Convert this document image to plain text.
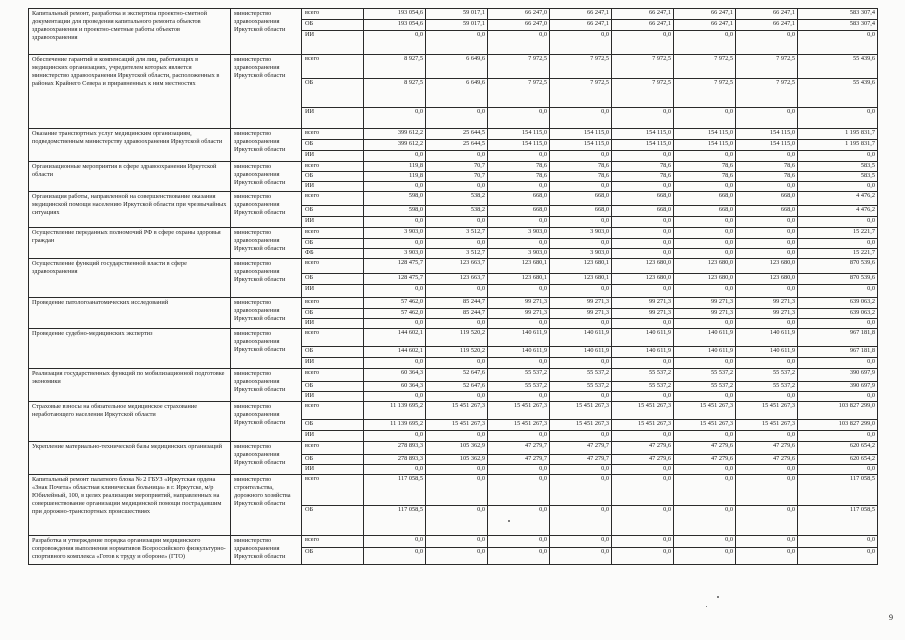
Капитальный ремонт, разработка и экспертиза проектно-сметной документации для проведения капитального ремонта объектов здравоохранения и проектно-сметные работы объектов здравоохранения	министерство здравоохранения Иркутской области	всего	193 054,6	59 017,1	66 247,0	66 247,1	66 247,1	66 247,1	66 247,1	583 307,4
		ОБ	193 054,6	59 017,1	66 247,0	66 247,1	66 247,1	66 247,1	66 247,1	583 307,4
		ИИ	0,0	0,0	0,0	0,0	0,0	0,0	0,0	0,0
Обеспечение гарантий и компенсаций для лиц, работающих в медицинских организациях, учредителем которых является министерство здравоохранения Иркутской области, расположенных в районах Крайнего Севера и приравненных к ним местностях	министерство здравоохранения Иркутской области	всего	8 927,5	6 649,6	7 972,5	7 972,5	7 972,5	7 972,5	7 972,5	55 439,6
		ОБ	8 927,5	6 649,6	7 972,5	7 972,5	7 972,5	7 972,5	7 972,5	55 439,6
		ИИ	0,0	0,0	0,0	0,0	0,0	0,0	0,0	0,0
Оказание транспортных услуг медицинским организациям, подведомственным министерству здравоохранения Иркутской области	министерство здравоохранения Иркутской области	всего	399 612,2	25 644,5	154 115,0	154 115,0	154 115,0	154 115,0	154 115,0	1 195 831,7
		ОБ	399 612,2	25 644,5	154 115,0	154 115,0	154 115,0	154 115,0	154 115,0	1 195 831,7
		ИИ	0,0	0,0	0,0	0,0	0,0	0,0	0,0	0,0
Организационные мероприятия в сфере здравоохранения Иркутской области	министерство здравоохранения Иркутской области	всего	119,8	70,7	78,6	78,6	78,6	78,6	78,6	583,5
		ОБ	119,8	70,7	78,6	78,6	78,6	78,6	78,6	583,5
		ИИ	0,0	0,0	0,0	0,0	0,0	0,0	0,0	0,0
Организация работы, направленной на совершенствование оказания медицинской помощи населению Иркутской области при чрезвычайных ситуациях	министерство здравоохранения Иркутской области	всего	598,0	538,2	668,0	668,0	668,0	668,0	668,0	4 476,2
		ОБ	598,0	538,2	668,0	668,0	668,0	668,0	668,0	4 476,2
		ИИ	0,0	0,0	0,0	0,0	0,0	0,0	0,0	0,0
Осуществление переданных полномочий РФ в сфере охраны здоровья граждан	министерство здравоохранения Иркутской области	всего	3 903,0	3 512,7	3 903,0	3 903,0	0,0	0,0	0,0	15 221,7
		ОБ	0,0	0,0	0,0	0,0	0,0	0,0	0,0	0,0
		ФБ	3 903,0	3 512,7	3 903,0	3 903,0	0,0	0,0	0,0	15 221,7
Осуществление функций государственной власти в сфере здравоохранения	министерство здравоохранения Иркутской области	всего	128 475,7	123 663,7	123 680,1	123 680,1	123 680,0	123 680,0	123 680,0	870 539,6
		ОБ	128 475,7	123 663,7	123 680,1	123 680,1	123 680,0	123 680,0	123 680,0	870 539,6
		ИИ	0,0	0,0	0,0	0,0	0,0	0,0	0,0	0,0
Проведение патологоанатомических исследований	министерство здравоохранения Иркутской области	всего	57 462,0	85 244,7	99 271,3	99 271,3	99 271,3	99 271,3	99 271,3	639 063,2
		ОБ	57 462,0	85 244,7	99 271,3	99 271,3	99 271,3	99 271,3	99 271,3	639 063,2
		ИИ	0,0	0,0	0,0	0,0	0,0	0,0	0,0	0,0
Проведение судебно-медицинских экспертиз	министерство здравоохранения Иркутской области	всего	144 602,1	119 520,2	140 611,9	140 611,9	140 611,9	140 611,9	140 611,9	967 181,8
		ОБ	144 602,1	119 520,2	140 611,9	140 611,9	140 611,9	140 611,9	140 611,9	967 181,8
		ИИ	0,0	0,0	0,0	0,0	0,0	0,0	0,0	0,0
Реализация государственных функций по мобилизационной подготовке экономики	министерство здравоохранения Иркутской области	всего	60 364,3	52 647,6	55 537,2	55 537,2	55 537,2	55 537,2	55 537,2	390 697,9
		ОБ	60 364,3	52 647,6	55 537,2	55 537,2	55 537,2	55 537,2	55 537,2	390 697,9
		ИИ	0,0	0,0	0,0	0,0	0,0	0,0	0,0	0,0
Страховые взносы на обязательное медицинское страхование неработающего населения Иркутской области	министерство здравоохранения Иркутской области	всего	11 139 695,2	15 451 267,3	15 451 267,3	15 451 267,3	15 451 267,3	15 451 267,3	15 451 267,3	103 827 299,0
		ОБ	11 139 695,2	15 451 267,3	15 451 267,3	15 451 267,3	15 451 267,3	15 451 267,3	15 451 267,3	103 827 299,0
		ИИ	0,0	0,0	0,0	0,0	0,0	0,0	0,0	0,0
Укрепление материально-технической базы медицинских организаций	министерство здравоохранения Иркутской области	всего	278 893,3	105 362,9	47 279,7	47 279,7	47 279,6	47 279,6	47 279,6	620 654,2
		ОБ	278 893,3	105 362,9	47 279,7	47 279,7	47 279,6	47 279,6	47 279,6	620 654,2
		ИИ	0,0	0,0	0,0	0,0	0,0	0,0	0,0	0,0
Капитальный ремонт палатного блока № 2 ГБУЗ «Иркутская ордена «Знак Почета» областная клиническая больница» в г. Иркутске, м/р Юбилейный, 100, в целях реализации мероприятий, направленных на совершенствование организации медицинской помощи пострадавшим при дорожно-транспортных происшествиях	министерство строительства, дорожного хозяйства Иркутской области	всего	117 058,5	0,0	0,0	0,0	0,0	0,0	0,0	117 058,5
		ОБ	117 058,5	0,0	0,0	0,0	0,0	0,0	0,0	117 058,5
Разработка и утверждение порядка организации медицинского сопровождения выполнения нормативов Всероссийского физкультурно-спортивного комплекса «Готов к труду и обороне» (ГТО)	министерство здравоохранения Иркутской области	всего	0,0	0,0	0,0	0,0	0,0	0,0	0,0	0,0
		ОБ	0,0	0,0	0,0	0,0	0,0	0,0	0,0	0,0
9
